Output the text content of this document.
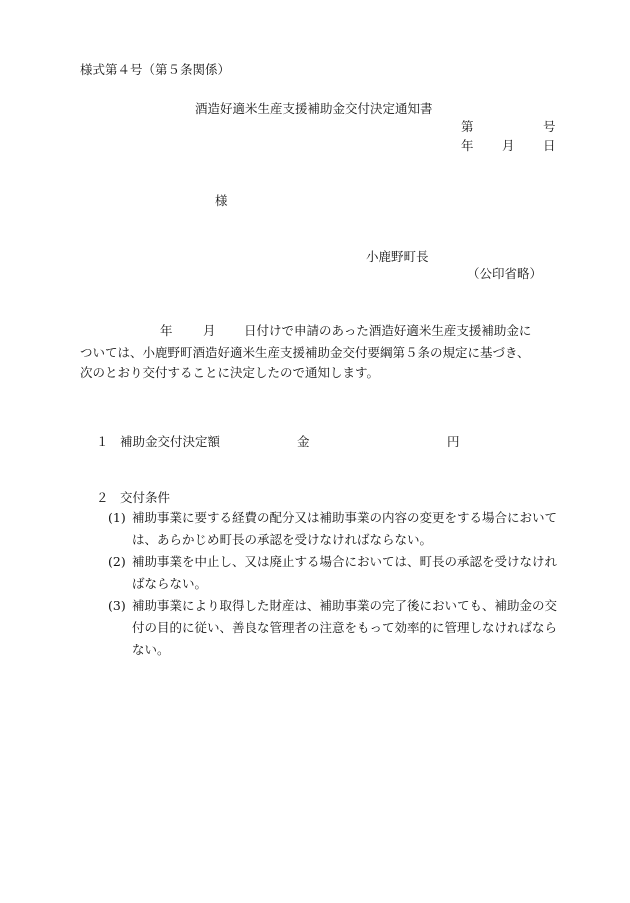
様式第４号（第５条関係）
酒造好適米生産支援補助金交付決定通知書
第	号
年 月 日
様
小鹿野町長
（公印省略）
年 月 日付けで申請のあった酒造好適米生産支援補助金に
ついては、小鹿野町酒造好適米生産支援補助金交付要綱第５条の規定に基づき、
次のとおり交付することに決定したので通知します。
１ 補助金交付決定額	金	円
２ 交付条件
(1) 補助事業に要する経費の配分又は補助事業の内容の変更をする場合においては、あらかじめ町長の承認を受けなければならない。
(2) 補助事業を中止し、又は廃止する場合においては、町長の承認を受けなければならない。
(3) 補助事業により取得した財産は、補助事業の完了後においても、補助金の交付の目的に従い、善良な管理者の注意をもって効率的に管理しなければならない。
